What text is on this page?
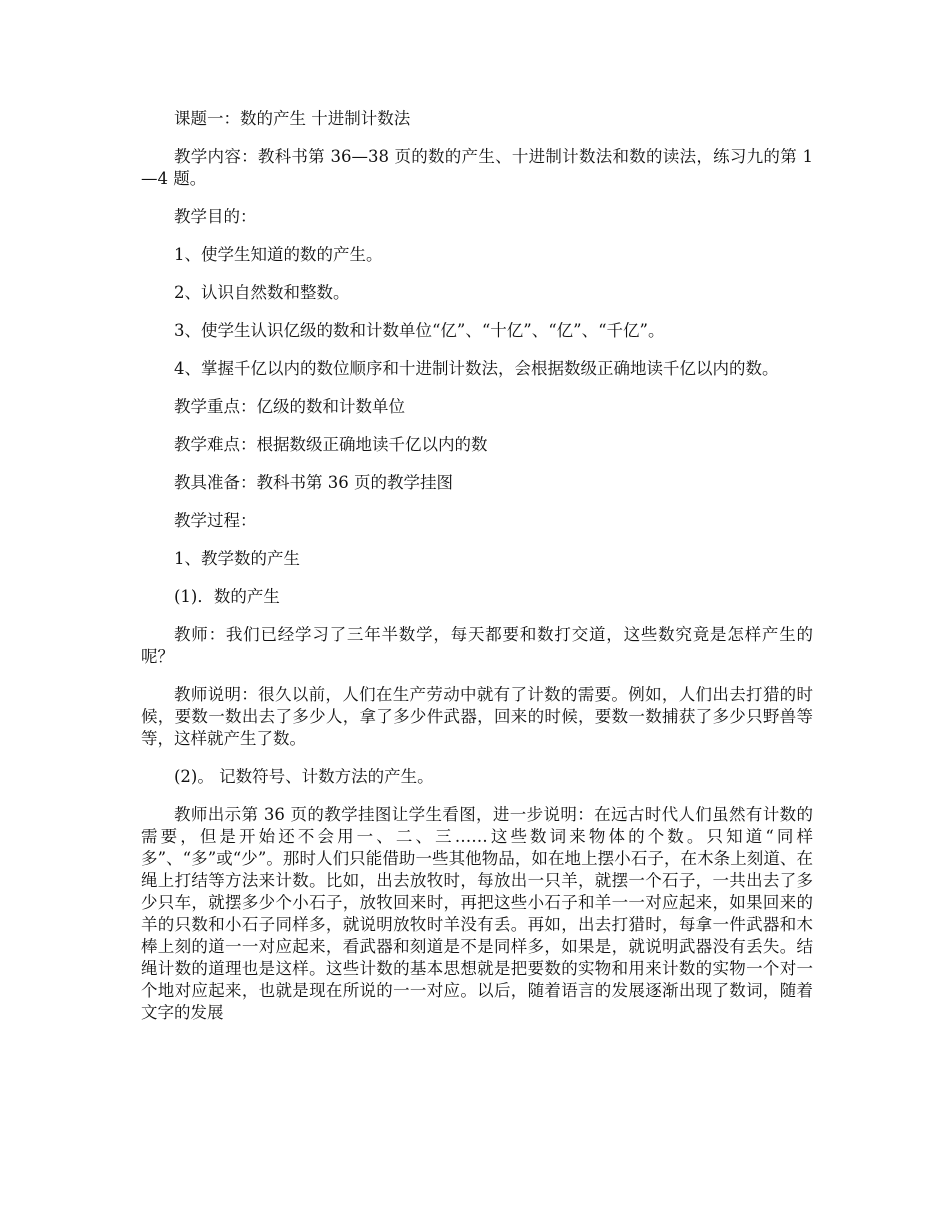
课题一：数的产生 十进制计数法

教学内容：教科书第 36—38 页的数的产生、十进制计数法和数的读法，练习九的第 1—4 题。

教学目的：

1、使学生知道的数的产生。

2、认识自然数和整数。

3、使学生认识亿级的数和计数单位“亿”、“十亿”、“亿”、“千亿”。

4、掌握千亿以内的数位顺序和十进制计数法，会根据数级正确地读千亿以内的数。

教学重点：亿级的数和计数单位

教学难点：根据数级正确地读千亿以内的数

教具准备：教科书第 36 页的教学挂图

教学过程：

1、教学数的产生

(1)．数的产生

教师：我们已经学习了三年半数学，每天都要和数打交道，这些数究竟是怎样产生的呢？

教师说明：很久以前，人们在生产劳动中就有了计数的需要。例如，人们出去打猎的时候，要数一数出去了多少人，拿了多少件武器，回来的时候，要数一数捕获了多少只野兽等等，这样就产生了数。

(2)。 记数符号、计数方法的产生。

教师出示第 36 页的教学挂图让学生看图，进一步说明：在远古时代人们虽然有计数的需要，但是开始还不会用一、二、三……这些数词来物体的个数。只知道“同样多”、“多”或“少”。那时人们只能借助一些其他物品，如在地上摆小石子，在木条上刻道、在绳上打结等方法来计数。比如，出去放牧时，每放出一只羊，就摆一个石子，一共出去了多少只车，就摆多少个小石子，放牧回来时，再把这些小石子和羊一一对应起来，如果回来的羊的只数和小石子同样多，就说明放牧时羊没有丢。再如，出去打猎时，每拿一件武器和木棒上刻的道一一对应起来，看武器和刻道是不是同样多，如果是，就说明武器没有丢失。结绳计数的道理也是这样。这些计数的基本思想就是把要数的实物和用来计数的实物一个对一个地对应起来，也就是现在所说的一一对应。以后，随着语言的发展逐渐出现了数词，随着文字的发展
